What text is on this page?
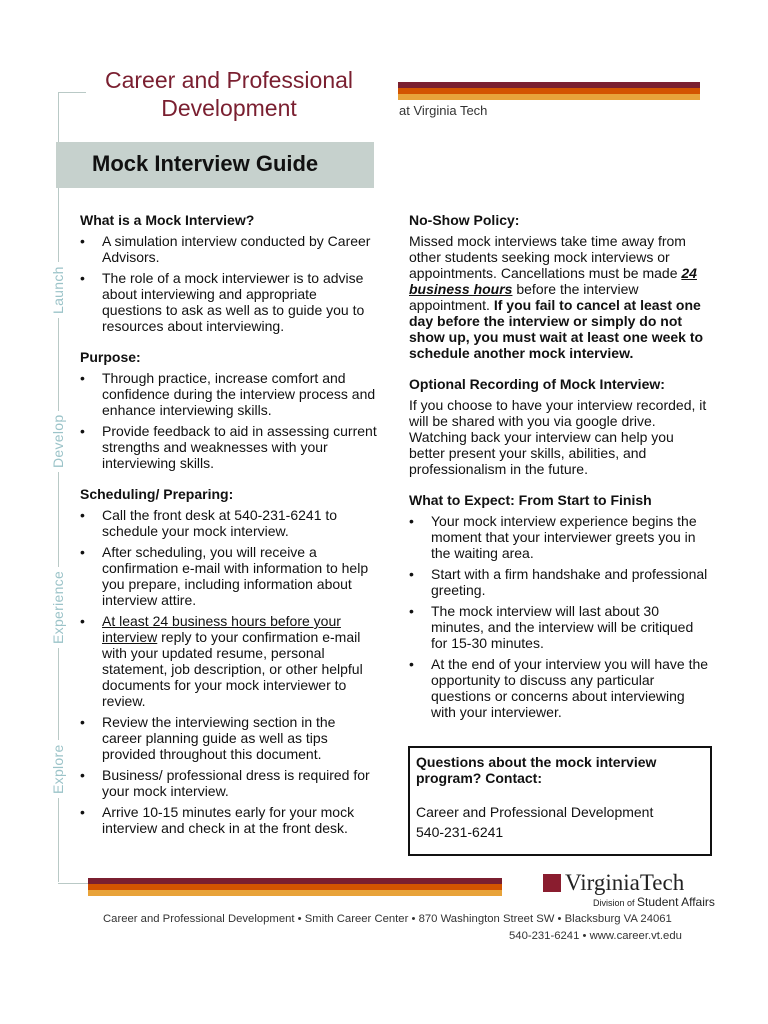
Launch
Develop
Experience
Explore
Career and Professional
Development	at Virginia Tech
Mock Interview Guide
What is a Mock Interview?
• A simulation interview conducted by Career Advisors.
• The role of a mock interviewer is to advise about interviewing and appropriate questions to ask as well as to guide you to resources about interviewing.
Purpose:
• Through practice, increase comfort and confidence during the interview process and enhance interviewing skills.
• Provide feedback to aid in assessing current strengths and weaknesses with your interviewing skills.
Scheduling/ Preparing:
• Call the front desk at 540-231-6241 to schedule your mock interview.
• After scheduling, you will receive a confirmation e-mail with information to help you prepare, including information about interview attire.
• At least 24 business hours before your interview reply to your confirmation e-mail with your updated resume, personal statement, job description, or other helpful documents for your mock interviewer to review.
• Review the interviewing section in the career planning guide as well as tips provided throughout this document.
• Business/ professional dress is required for your mock interview.
• Arrive 10-15 minutes early for your mock interview and check in at the front desk.
No-Show Policy:

Missed mock interviews take time away from other students seeking mock interviews or appointments. Cancellations must be made 24 business hours before the interview appointment. If you fail to cancel at least one day before the interview or simply do not show up, you must wait at least one week to schedule another mock interview.

Optional Recording of Mock Interview:

If you choose to have your interview recorded, it will be shared with you via google drive. Watching back your interview can help you better present your skills, abilities, and professionalism in the future.

What to Expect: From Start to Finish
• Your mock interview experience begins the moment that your interviewer greets you in the waiting area.
• Start with a firm handshake and professional greeting.
• The mock interview will last about 30 minutes, and the interview will be critiqued for 15-30 minutes.
• At the end of your interview you will have the opportunity to discuss any particular questions or concerns about interviewing with your interviewer.
Questions about the mock interview program? Contact:
Career and Professional Development
540-231-6241
VirginiaTech
Division of Student Affairs
Career and Professional Development • Smith Career Center • 870 Washington Street SW • Blacksburg VA 24061
540-231-6241 • www.career.vt.edu
